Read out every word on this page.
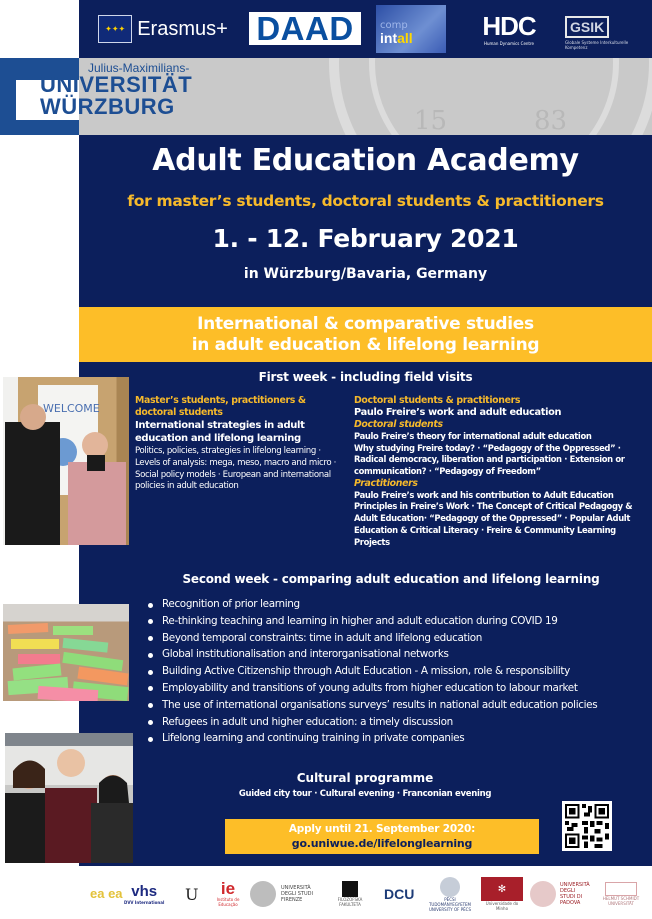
✦✦✦ Erasmus+ DAAD	comp
intall	HDC
Human Dynamics Centre
GSIK
Globale Systeme Interkulturelle Kompetenz
15	83
Julius-Maximilians-
UNIVERSITÄT
WÜRZBURG
Adult Education Academy
for master’s students, doctoral students & practitioners
1. - 12. February 2021
in Würzburg/Bavaria, Germany
International & comparative studies
in adult education & lifelong learning
First week - including field visits
WELCOME
Master’s students, practitioners & doctoral students
International strategies in adult education and lifelong learning
Politics, policies, strategies in lifelong learning · Levels of analysis: mega, meso, macro and micro · Social policy models · European and international policies in adult education
Doctoral students & practitioners
Paulo Freire’s work and adult education
Doctoral students
Paulo Freire’s theory for international adult education
Why studying Freire today? · “Pedagogy of the Oppressed” · Radical democracy, liberation and participation · Extension or communication? · “Pedagogy of Freedom”
Practitioners
Paulo Freire’s work and his contribution to Adult Education
Principles in Freire’s Work · The Concept of Critical Pedagogy & Adult Education· “Pedagogy of the Oppressed” · Popular Adult Education & Critical Literacy · Freire & Community Learning Projects
Second week - comparing adult education and lifelong learning
Recognition of prior learning
Re-thinking teaching and learning in higher and adult education during COVID 19
Beyond temporal constraints: time in adult and lifelong education
Global institutionalisation and interorganisational networks
Building Active Citizenship through Adult Education - A mission, role & responsibility
Employability and transitions of young adults from higher education to labour market
The use of international organisations surveys’ results in national adult education policies
Refugees in adult und higher education: a timely discussion
Lifelong learning and continuing training in private companies
Cultural programme
Guided city tour · Cultural evening · Franconian evening
Apply until 21. September 2020:
go.uniwue.de/lifelonglearning
ea ea vhs
DVV International U ie
Instituto de Educação
UNIVERSITÀ DEGLI STUDI FIRENZE	FILOZOFSKA FAKULTETA
DCU	PÉCSI TUDOMÁNYEGYETEM UNIVERSITY OF PÉCS
✻
Universidade do Minho
UNIVERSITÀ DEGLI STUDI DI PADOVA
HELMUT SCHMIDT UNIVERSITÄT
